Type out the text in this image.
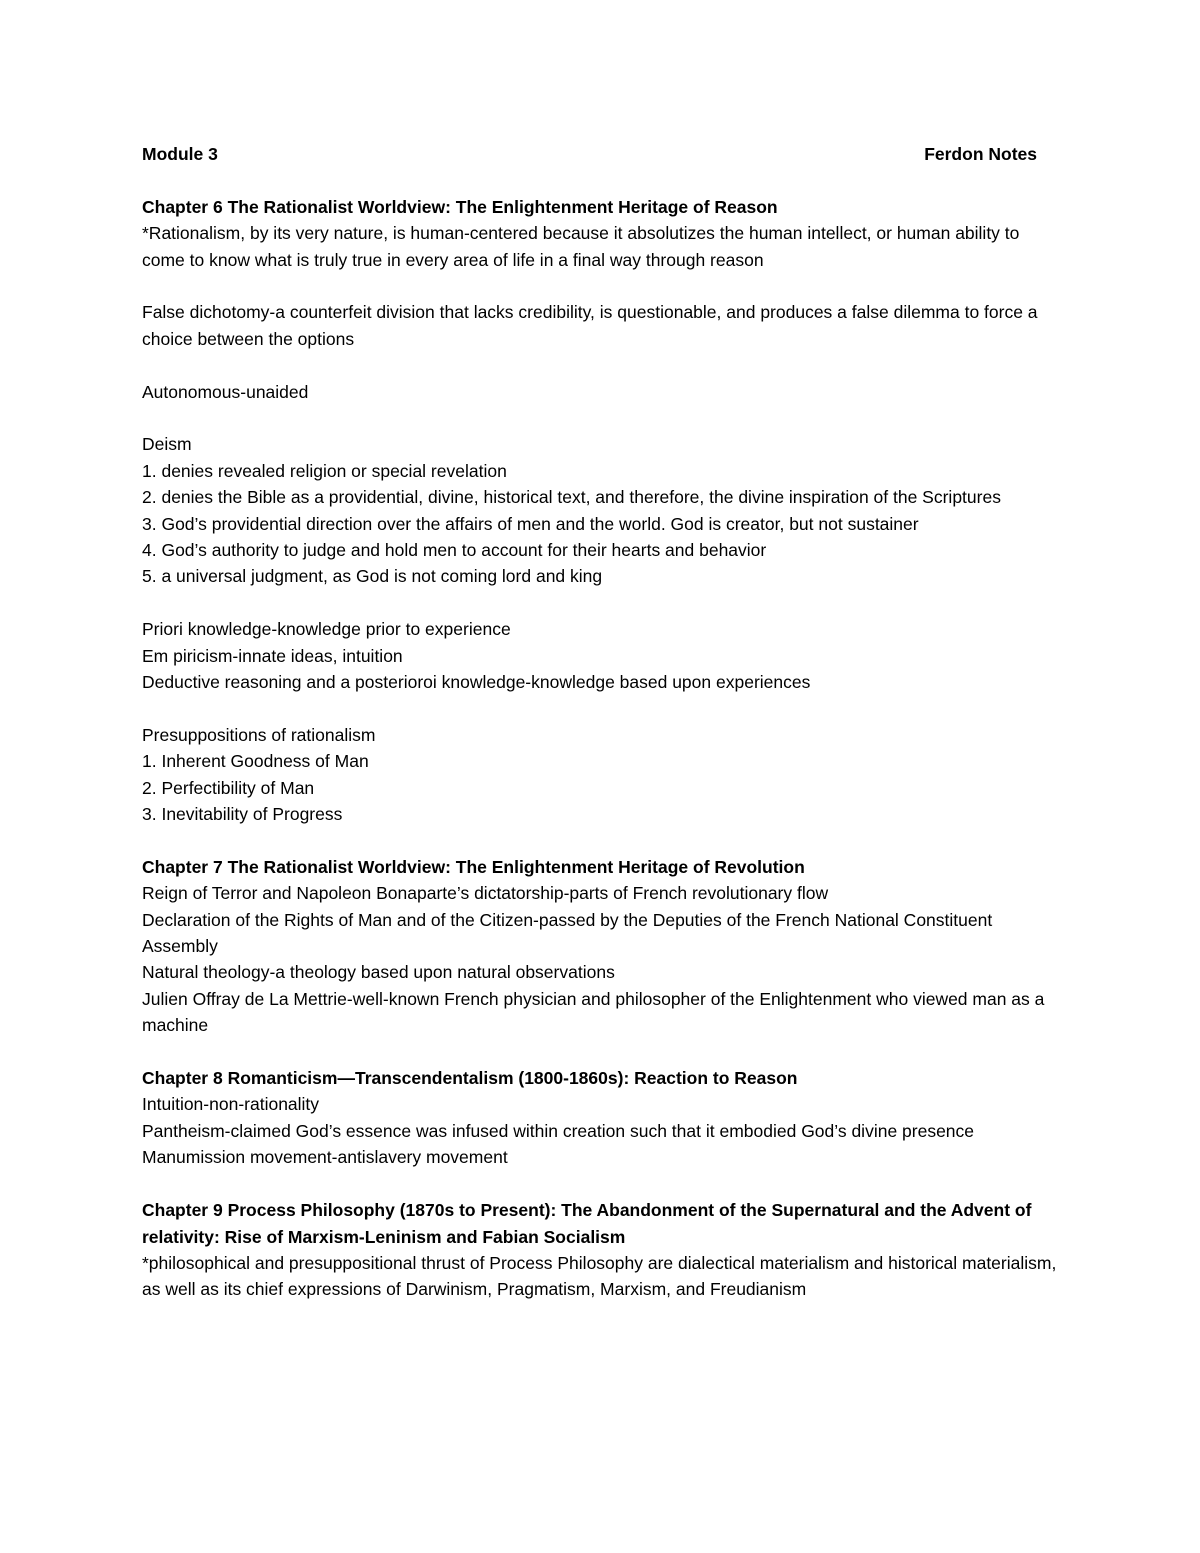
Module 3	Ferdon Notes
Chapter 6 The Rationalist Worldview: The Enlightenment Heritage of Reason
*Rationalism, by its very nature, is human-centered because it absolutizes the human intellect, or human ability to come to know what is truly true in every area of life in a final way through reason
False dichotomy-a counterfeit division that lacks credibility, is questionable, and produces a false dilemma to force a choice between the options
Autonomous-unaided
Deism
1. denies revealed religion or special revelation
2. denies the Bible as a providential, divine, historical text, and therefore, the divine inspiration of the Scriptures
3. God’s providential direction over the affairs of men and the world. God is creator, but not sustainer
4. God’s authority to judge and hold men to account for their hearts and behavior
5. a universal judgment, as God is not coming lord and king
Priori knowledge-knowledge prior to experience
Em piricism-innate ideas, intuition
Deductive reasoning and a posterioroi knowledge-knowledge based upon experiences
Presuppositions of rationalism
1. Inherent Goodness of Man
2. Perfectibility of Man
3. Inevitability of Progress
Chapter 7 The Rationalist Worldview: The Enlightenment Heritage of Revolution
Reign of Terror and Napoleon Bonaparte’s dictatorship-parts of French revolutionary flow
Declaration of the Rights of Man and of the Citizen-passed by the Deputies of the French National Constituent Assembly
Natural theology-a theology based upon natural observations
Julien Offray de La Mettrie-well-known French physician and philosopher of the Enlightenment who viewed man as a machine
Chapter 8 Romanticism—Transcendentalism (1800-1860s): Reaction to Reason
Intuition-non-rationality
Pantheism-claimed God’s essence was infused within creation such that it embodied God’s divine presence
Manumission movement-antislavery movement
Chapter 9 Process Philosophy (1870s to Present): The Abandonment of the Supernatural and the Advent of relativity: Rise of Marxism-Leninism and Fabian Socialism
*philosophical and presuppositional thrust of Process Philosophy are dialectical materialism and historical materialism, as well as its chief expressions of Darwinism, Pragmatism, Marxism, and Freudianism
